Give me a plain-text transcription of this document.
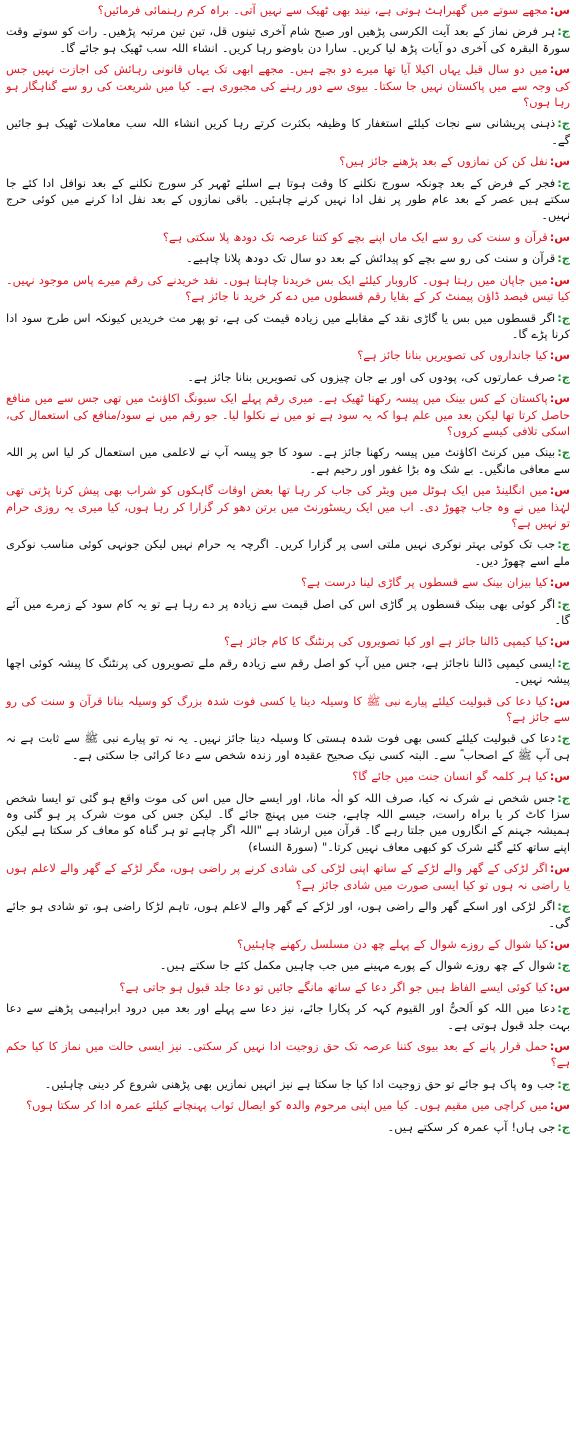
س:مجھے سوتے میں گھبراہٹ ہوتی ہے، نیند بھی ٹھیک سے نہیں آتی۔ براہ کرم رہنمائی فرمائیں؟

ج:ہر فرض نماز کے بعد آیت الکرسی پڑھیں اور صبح شام آخری تینوں قل، تین تین مرتبہ پڑھیں۔ رات کو سوتے وقت سورۃ البقرہ کی آخری دو آیات پڑھ لیا کریں۔ سارا دن باوضو رہا کریں۔ انشاء اللہ سب ٹھیک ہو جائے گا۔

س:میں دو سال قبل یہاں اکیلا آیا تھا میرے دو بچے ہیں۔ مجھے ابھی تک یہاں قانونی رہائش کی اجازت نہیں جس کی وجہ سے میں پاکستان نہیں جا سکتا۔ بیوی سے دور رہنے کی مجبوری ہے۔ کیا میں شریعت کی رو سے گناہگار ہو رہا ہوں؟

ج:ذہنی پریشانی سے نجات کیلئے استغفار کا وظیفہ بکثرت کرتے رہا کریں انشاء اللہ سب معاملات ٹھیک ہو جائیں گے۔

س:نفل کن کن نمازوں کے بعد پڑھنے جائز ہیں؟

ج:فجر کے فرض کے بعد چونکہ سورج نکلنے کا وقت ہوتا ہے اسلئے ٹھہر کر سورج نکلنے کے بعد نوافل ادا کئے جا سکتے ہیں عصر کے بعد عام طور پر نفل ادا نہیں کرنے چاہئیں۔ باقی نمازوں کے بعد نفل ادا کرنے میں کوئی حرج نہیں۔

س:قرآن و سنت کی رو سے ایک ماں اپنے بچے کو کتنا عرصہ تک دودھ پلا سکتی ہے؟

ج:قرآن و سنت کی رو سے بچے کو پیدائش کے بعد دو سال تک دودھ پلانا چاہیے۔

س:میں جاپان میں رہتا ہوں۔ کاروبار کیلئے ایک بس خریدنا چاہتا ہوں۔ نقد خریدنے کی رقم میرے پاس موجود نہیں۔ کیا تیس فیصد ڈاؤن پیمنٹ کر کے بقایا رقم قسطوں میں دے کر خرید نا جائز ہے؟

ج:اگر قسطوں میں بس یا گاڑی نقد کے مقابلے میں زیادہ قیمت کی ہے، تو پھر مت خریدیں کیونکہ اس طرح سود ادا کرنا پڑے گا۔

س:کیا جانداروں کی تصویریں بنانا جائز ہے؟

ج:صرف عمارتوں کی، پودوں کی اور بے جان چیزوں کی تصویریں بنانا جائز ہے۔

س:پاکستان کے کس بینک میں پیسہ رکھنا ٹھیک ہے۔ میری رقم پہلے ایک سیونگ اکاؤنٹ میں تھی جس سے میں منافع حاصل کرتا تھا لیکن بعد میں علم ہوا کہ یہ سود ہے تو میں نے نکلوا لیا۔ جو رقم میں نے سود/منافع کی استعمال کی، اسکی تلافی کیسے کروں؟

ج:بینک میں کرنٹ اکاؤنٹ میں پیسہ رکھنا جائز ہے۔ سود کا جو پیسہ آپ نے لاعلمی میں استعمال کر لیا اس پر اللہ سے معافی مانگیں۔ بے شک وہ بڑا غفور اور رحیم ہے۔

س:میں انگلینڈ میں ایک ہوٹل میں ویٹر کی جاب کر رہا تھا بعض اوقات گاہکوں کو شراب بھی پیش کرنا پڑتی تھی لہٰذا میں نے وہ جاب چھوڑ دی۔ اب میں ایک ریسٹورنٹ میں برتن دھو کر گزارا کر رہا ہوں، کیا میری یہ روزی حرام تو نہیں ہے؟

ج:جب تک کوئی بہتر نوکری نہیں ملتی اسی پر گزارا کریں۔ اگرچہ یہ حرام نہیں لیکن جونہی کوئی مناسب نوکری ملے اسے چھوڑ دیں۔

س:کیا بیزان بینک سے قسطوں پر گاڑی لینا درست ہے؟

ج:اگر کوئی بھی بینک قسطوں پر گاڑی اس کی اصل قیمت سے زیادہ پر دے رہا ہے تو یہ کام سود کے زمرے میں آئے گا۔

س:کیا کیمپی ڈالنا جائز ہے اور کیا تصویروں کی پرنٹنگ کا کام جائز ہے؟

ج:ایسی کیمپی ڈالنا ناجائز ہے، جس میں آپ کو اصل رقم سے زیادہ رقم ملے تصویروں کی پرنٹنگ کا پیشہ کوئی اچھا پیشہ نہیں۔

س:کیا دعا کی قبولیت کیلئے پیارے نبی ﷺ کا وسیلہ دینا یا کسی فوت شدہ بزرگ کو وسیلہ بنانا قرآن و سنت کی رو سے جائز ہے؟

ج:دعا کی قبولیت کیلئے کسی بھی فوت شدہ ہستی کا وسیلہ دینا جائز نہیں۔ یہ نہ تو پیارے نبی ﷺ سے ثابت ہے نہ ہی آپ ﷺ کے اصحاب ؓ سے۔ البتہ کسی نیک صحیح عقیدہ اور زندہ شخص سے دعا کرائی جا سکتی ہے۔

س:کیا ہر کلمہ گو انسان جنت میں جائے گا؟

ج:جس شخص نے شرک نہ کیا، صرف اللہ کو الٰہ مانا، اور ایسے حال میں اس کی موت واقع ہو گئی تو ایسا شخص سزا کاٹ کر یا براہ راست، جیسے اللہ چاہے، جنت میں پہنچ جائے گا۔ لیکن جس کی موت شرک پر ہو گئی وہ ہمیشہ جہنم کے انگاروں میں جلتا رہے گا۔ قرآن میں ارشاد ہے "اللہ اگر چاہے تو ہر گناہ کو معاف کر سکتا ہے لیکن اپنے ساتھ کئے گئے شرک کو کبھی معاف نہیں کرتا۔" (سورۃ النساء)

س:اگر لڑکی کے گھر والے لڑکے کے ساتھ اپنی لڑکی کی شادی کرنے پر راضی ہوں، مگر لڑکے کے گھر والے لاعلم ہوں یا راضی نہ ہوں تو کیا ایسی صورت میں شادی جائز ہے؟

ج:اگر لڑکی اور اسکے گھر والے راضی ہوں، اور لڑکے کے گھر والے لاعلم ہوں، تاہم لڑکا راضی ہو، تو شادی ہو جائے گی۔

س:کیا شوال کے روزے شوال کے پہلے چھ دن مسلسل رکھنے چاہئیں؟

ج:شوال کے چھ روزے شوال کے پورے مہینے میں جب چاہیں مکمل کئے جا سکتے ہیں۔

س:کیا کوئی ایسے الفاظ ہیں جو اگر دعا کے ساتھ مانگے جائیں تو دعا جلد قبول ہو جاتی ہے؟

ج:دعا میں اللہ کو اَلحیُّ اور القیوم کہہ کر پکارا جائے، نیز دعا سے پہلے اور بعد میں درود ابراہیمی پڑھنے سے دعا بہت جلد قبول ہوتی ہے۔

س:حمل قرار پانے کے بعد بیوی کتنا عرصہ تک حق زوجیت ادا نہیں کر سکتی۔ نیز ایسی حالت میں نماز کا کیا حکم ہے؟

ج:جب وہ پاک ہو جائے تو حق زوجیت ادا کیا جا سکتا ہے نیز انہیں نمازیں بھی پڑھنی شروع کر دینی چاہئیں۔

س:میں کراچی میں مقیم ہوں۔ کیا میں اپنی مرحوم والدہ کو ایصال ثواب پہنچانے کیلئے عمرہ ادا کر سکتا ہوں؟

ج:جی ہاں! آپ عمرہ کر سکتے ہیں۔
